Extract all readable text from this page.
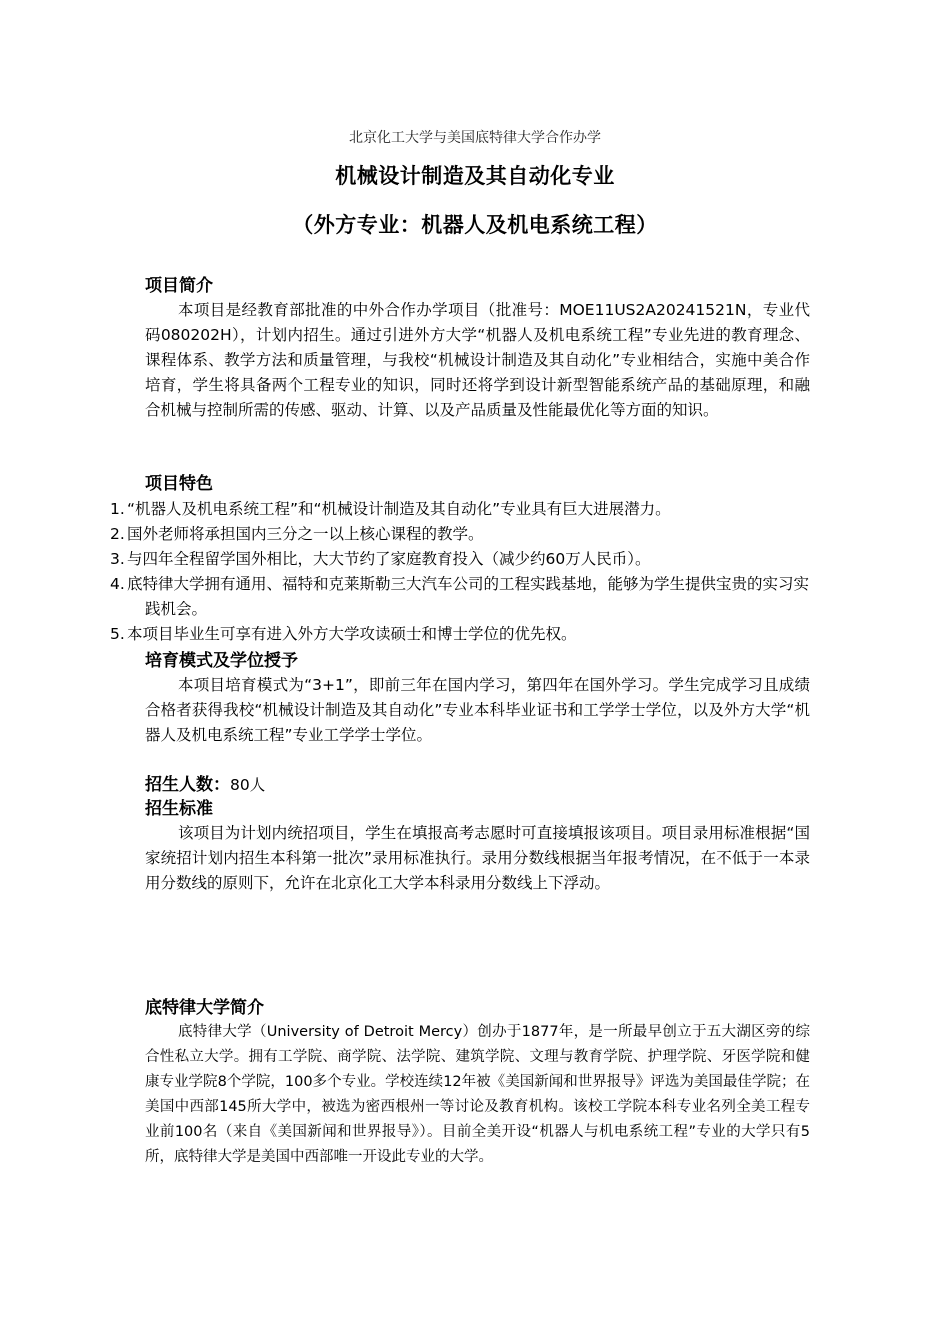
北京化工大学与美国底特律大学合作办学
机械设计制造及其自动化专业
（外方专业：机器人及机电系统工程）

项目简介

本项目是经教育部批准的中外合作办学项目（批准号：MOE11US2A20241521N，专业代码080202H），计划内招生。通过引进外方大学“机器人及机电系统工程”专业先进的教育理念、课程体系、教学方法和质量管理，与我校“机械设计制造及其自动化”专业相结合，实施中美合作培育，学生将具备两个工程专业的知识，同时还将学到设计新型智能系统产品的基础原理，和融合机械与控制所需的传感、驱动、计算、以及产品质量及性能最优化等方面的知识。

项目特色

1. “机器人及机电系统工程”和“机械设计制造及其自动化”专业具有巨大进展潜力。
2. 国外老师将承担国内三分之一以上核心课程的教学。
3. 与四年全程留学国外相比，大大节约了家庭教育投入（减少约60万人民币）。
4. 底特律大学拥有通用、福特和克莱斯勒三大汽车公司的工程实践基地，能够为学生提供宝贵的实习实践机会。
5. 本项目毕业生可享有进入外方大学攻读硕士和博士学位的优先权。

培育模式及学位授予

本项目培育模式为“3+1”，即前三年在国内学习，第四年在国外学习。学生完成学习且成绩合格者获得我校“机械设计制造及其自动化”专业本科毕业证书和工学学士学位，以及外方大学“机器人及机电系统工程”专业工学学士学位。

招生人数：80人

招生标准

该项目为计划内统招项目，学生在填报高考志愿时可直接填报该项目。项目录用标准根据“国家统招计划内招生本科第一批次”录用标准执行。录用分数线根据当年报考情况，在不低于一本录用分数线的原则下，允许在北京化工大学本科录用分数线上下浮动。

底特律大学简介

底特律大学（University of Detroit Mercy）创办于1877年，是一所最早创立于五大湖区旁的综合性私立大学。拥有工学院、商学院、法学院、建筑学院、文理与教育学院、护理学院、牙医学院和健康专业学院8个学院，100多个专业。学校连续12年被《美国新闻和世界报导》评选为美国最佳学院；在美国中西部145所大学中，被选为密西根州一等讨论及教育机构。该校工学院本科专业名列全美工程专业前100名（来自《美国新闻和世界报导》）。目前全美开设“机器人与机电系统工程”专业的大学只有5所，底特律大学是美国中西部唯一开设此专业的大学。
